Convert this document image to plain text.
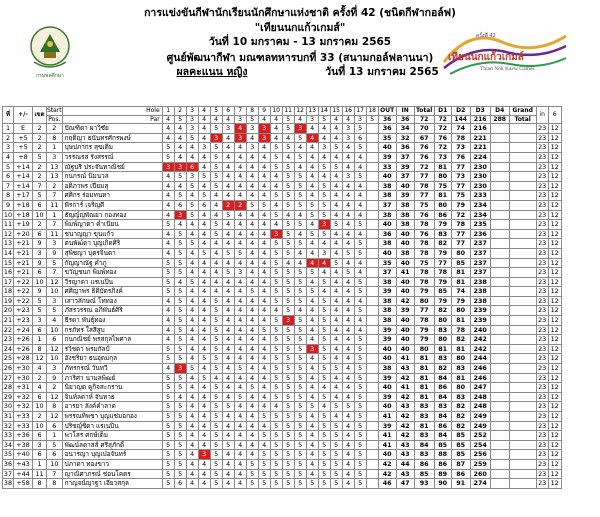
กรมพลศึกษา
การแข่งขันกีฬานักเรียนนักศึกษาแห่งชาติ ครั้งที่ 42 (ชนิดกีฬากอล์ฟ)
"เทียนนกแก้วเกมส์"
วันที่ 10 มกราคม - 13 มกราคม 2565
ศูนย์พัฒนากีฬา มณฑลทหารบกที่ 33 (สนามกอล์ฟลานนา)
ผลคะแนน หญิง	วันที่ 13 มกราคม 2565
ครั้งที่ 42
เทียนนกแก้วเกมส์
Thian Nok Kaew Games
ที่	+/-	เขต	Start	Hole	1	2	3	4	5	6	7	8	9	10	11	12	13	14	15	16	17	18	OUT	IN	Total	D1	D2	D3	D4	Grand	in	6
			Pos.	Par	4	5	3	4	4	4	3	5	4	4	5	4	3	5	4	4	3	5	36	36	72	72	144	216	288	Total		
1	E	2	2	ปัณฑิตา ผาวิชัย	4	4	3	4	5	3	4	3	3	4	5	3	4	4	4	3	5		36	34	70	72	74	216			23	12
2	+5	2	8	กฤติญา ธนันทรศักรพงษ์	4	4	5	4	3	4	3	4	3	4	4	5	4	4	4	3	6		35	32	67	76	78	221			23	12
3	+5	2	1	บุษปภากร สุขเติม	5	4	4	3	5	4	4	3	4	5	5	4	4	3	5	4	5		40	36	76	72	73	221			23	12
4	+8	5	3	วรรณรส รังสรรณ์	5	4	4	4	5	4	4	4	4	5	4	5	4	4	4	4	4		39	37	76	73	76	224			23	12
5	+14	2	13	ณัฐนรี ประจันทาณิชย์	3	3	6	4	5	4	4	4	4	5	5	4	4	5	5	4	4		33	39	72	81	77	230			23	12
6	+14	2	13	กนกรณ์ นิ่มนวล	4	5	3	5	5	4	4	4	4	4	5	5	4	4	4	3	5		40	37	77	80	73	230			23	12
7	+14	7	2	อติภาพร เปี่ยมสุ	4	4	5	4	5	4	4	4	4	4	5	5	4	5	4	4	4		38	40	78	75	77	230			23	12
8	+17	5	7	ศศิกร ร่อมทนหา	4	5	4	5	4	4	4	4	4	5	5	5	4	5	4	4	4		38	39	77	81	75	233			23	12
9	+18	6	11	พีรการ์ เจริญดี	4	6	5	6	4	2	2	5	5	4	5	5	5	5	4	4	4		37	38	75	80	79	234			23	12
10	+18	10	1	ธัญญ์ญพัณยา กองทอง	4	3	5	4	4	5	4	4	4	5	4	4	5	5	4	4	4		38	38	76	86	72	234			23	12
11	+19	2	7	พิมพ์ญาดา คำเนียน	5	4	4	4	5	4	4	4	4	4	5	5	4	3	5	4	5		40	38	78	79	78	235			23	12
12	+20	6	11	ชนาญญา ขุนแก้ว	4	5	4	4	5	4	4	4	4	3	5	4	5	5	4	4	4		36	40	76	83	77	236			23	12
13	+21	9	3	ดนพัฒ์ดา บุญเกิดศิริ	4	5	5	4	4	4	4	4	4	5	5	5	4	4	4	4	5		38	40	78	82	77	237			23	12
14	+21	3	9	สุพิชญา บุตรจินดา	4	5	4	5	4	5	5	4	4	5	5	4	4	3	4	5	5		40	38	78	79	80	237			23	12
15	+21	9	5	กัญญาณัฐ คำภู	5	5	4	4	4	4	4	4	4	5	4	4	4	4	5	4	4		35	40	75	77	85	237			23	12
16	+21	6	7	ขวัญชนก พิมพ์ทอง	5	5	4	4	4	5	3	4	4	5	5	5	5	4	4	5	4		37	41	78	78	81	237			23	12
17	+22	10	12	วีรญาดา แรเนปิน	5	4	5	4	4	4	4	4	4	5	5	5	4	5	4	4	5		38	40	78	79	81	238			23	12
18	+22	9	10	ศศิญาพร ธิติบัตรภิงค์	5	5	4	4	4	4	4	5	4	5	5	5	5	4	4	4	5		39	40	79	85	74	238			23	12
19	+22	5	3	เสาวลักษณ์ โททอง	4	5	4	4	5	4	4	4	4	5	5	5	4	5	4	4	4		38	42	80	79	79	238			23	12
20	+23	5	5	ภัสรวรรณ อภิพันธ์ศิริ	4	5	4	4	5	4	4	4	4	4	5	4	4	5	4	4	5		38	39	77	82	80	239			23	12
21	+23	3	4	ธีรดา พันธุ์ทอง	4	5	4	4	5	4	4	4	4	5	3	5	4	5	4	4	4		38	40	78	80	81	239			23	12
22	+24	6	10	กรภัทร ใสสีสูบ	4	5	4	4	5	4	4	4	5	5	5	5	4	5	4	4	4		39	40	79	83	78	240			23	12
23	+26	1	6	กนกณิชย์ พรสกุลไพศาล	4	5	4	4	5	4	4	4	4	5	5	5	4	5	4	4	5		39	40	79	80	82	242			23	12
24	+26	8	12	รวิชดา พรมกัลป์	5	5	4	4	5	4	4	4	4	5	5	5	3	5	4	4	5		40	40	80	81	81	242			23	12
25	+28	12	10	อังชริยา ธนอุดมกุล	5	5	4	5	5	4	4	4	4	5	5	5	4	5	4	4	5		40	41	81	83	80	244			23	12
26	+30	4	3	ภัทรกรณ์ วันทวี	4	3	5	4	5	4	5	4	4	5	5	5	4	5	5	4	5		38	43	81	82	83	246			23	12
27	+30	2	9	ภาริศา นามลพิฒย์	5	5	4	5	4	4	4	4	4	5	5	5	4	5	4	4	5		39	42	81	84	81	246			23	12
28	+31	4	2	นิยาญด คูกิจสะกราน	5	5	4	4	5	4	4	5	4	5	5	5	4	4	4	4	5		40	41	81	86	80	247			23	12
29	+32	6	12	จินท์ลดาห์ จันทาธ	5	4	4	4	5	4	5	4	4	5	5	5	4	5	4	4	5		39	42	81	84	83	248			23	12
30	+32	10	8	อารยา ลังค์คำลาด	5	5	4	4	5	5	4	4	4	4	5	5	5	4	5	5	5		40	43	83	83	82	248			23	12
31	+33	2	12	พรรณทิพชา บุญแช่มอกอง	5	5	4	4	5	4	4	4	5	5	5	5	4	5	4	4	5		41	42	83	84	82	249			23	12
32	+33	10	6	ปริชญ์ชิดา แรเนปิน	5	5	4	4	5	4	4	4	4	5	5	5	4	5	5	4	5		39	42	81	86	82	249			23	12
33	+36	6	1	พาโสร ศกษ์เต็ม	5	5	4	4	5	4	4	4	5	5	5	5	4	5	5	4	5		41	42	83	84	85	252			23	12
34	+38	3	5	พัฒน์ลดาสส์ ศรีสุภักดิ์	5	5	4	4	5	5	4	4	4	5	5	5	4	5	5	4	5		41	43	84	85	85	254			23	12
35	+40	6	6	อนารญา บุญเบ๋อจันทร์	5	5	4	3	5	4	4	4	5	5	5	5	4	5	5	4	5		40	43	83	88	85	256			23	12
36	+43	1	10	ปภาดา ทองขาว	5	5	4	4	5	4	4	5	5	5	5	5	4	5	5	4	5		42	44	86	86	87	259			23	12
37	+44	11	7	ญาณิศาภรณ์ ช่อนโคตร	5	5	4	4	5	4	4	5	5	5	5	5	4	5	5	4	5		42	43	85	89	86	260			23	12
38	+58	8	8	กาญจน์ญาฐา เอี่ยวสกุล	5	6	4	4	5	4	4	5	5	5	5	5	5	5	5	4	5		46	47	93	90	91	274			23	12
